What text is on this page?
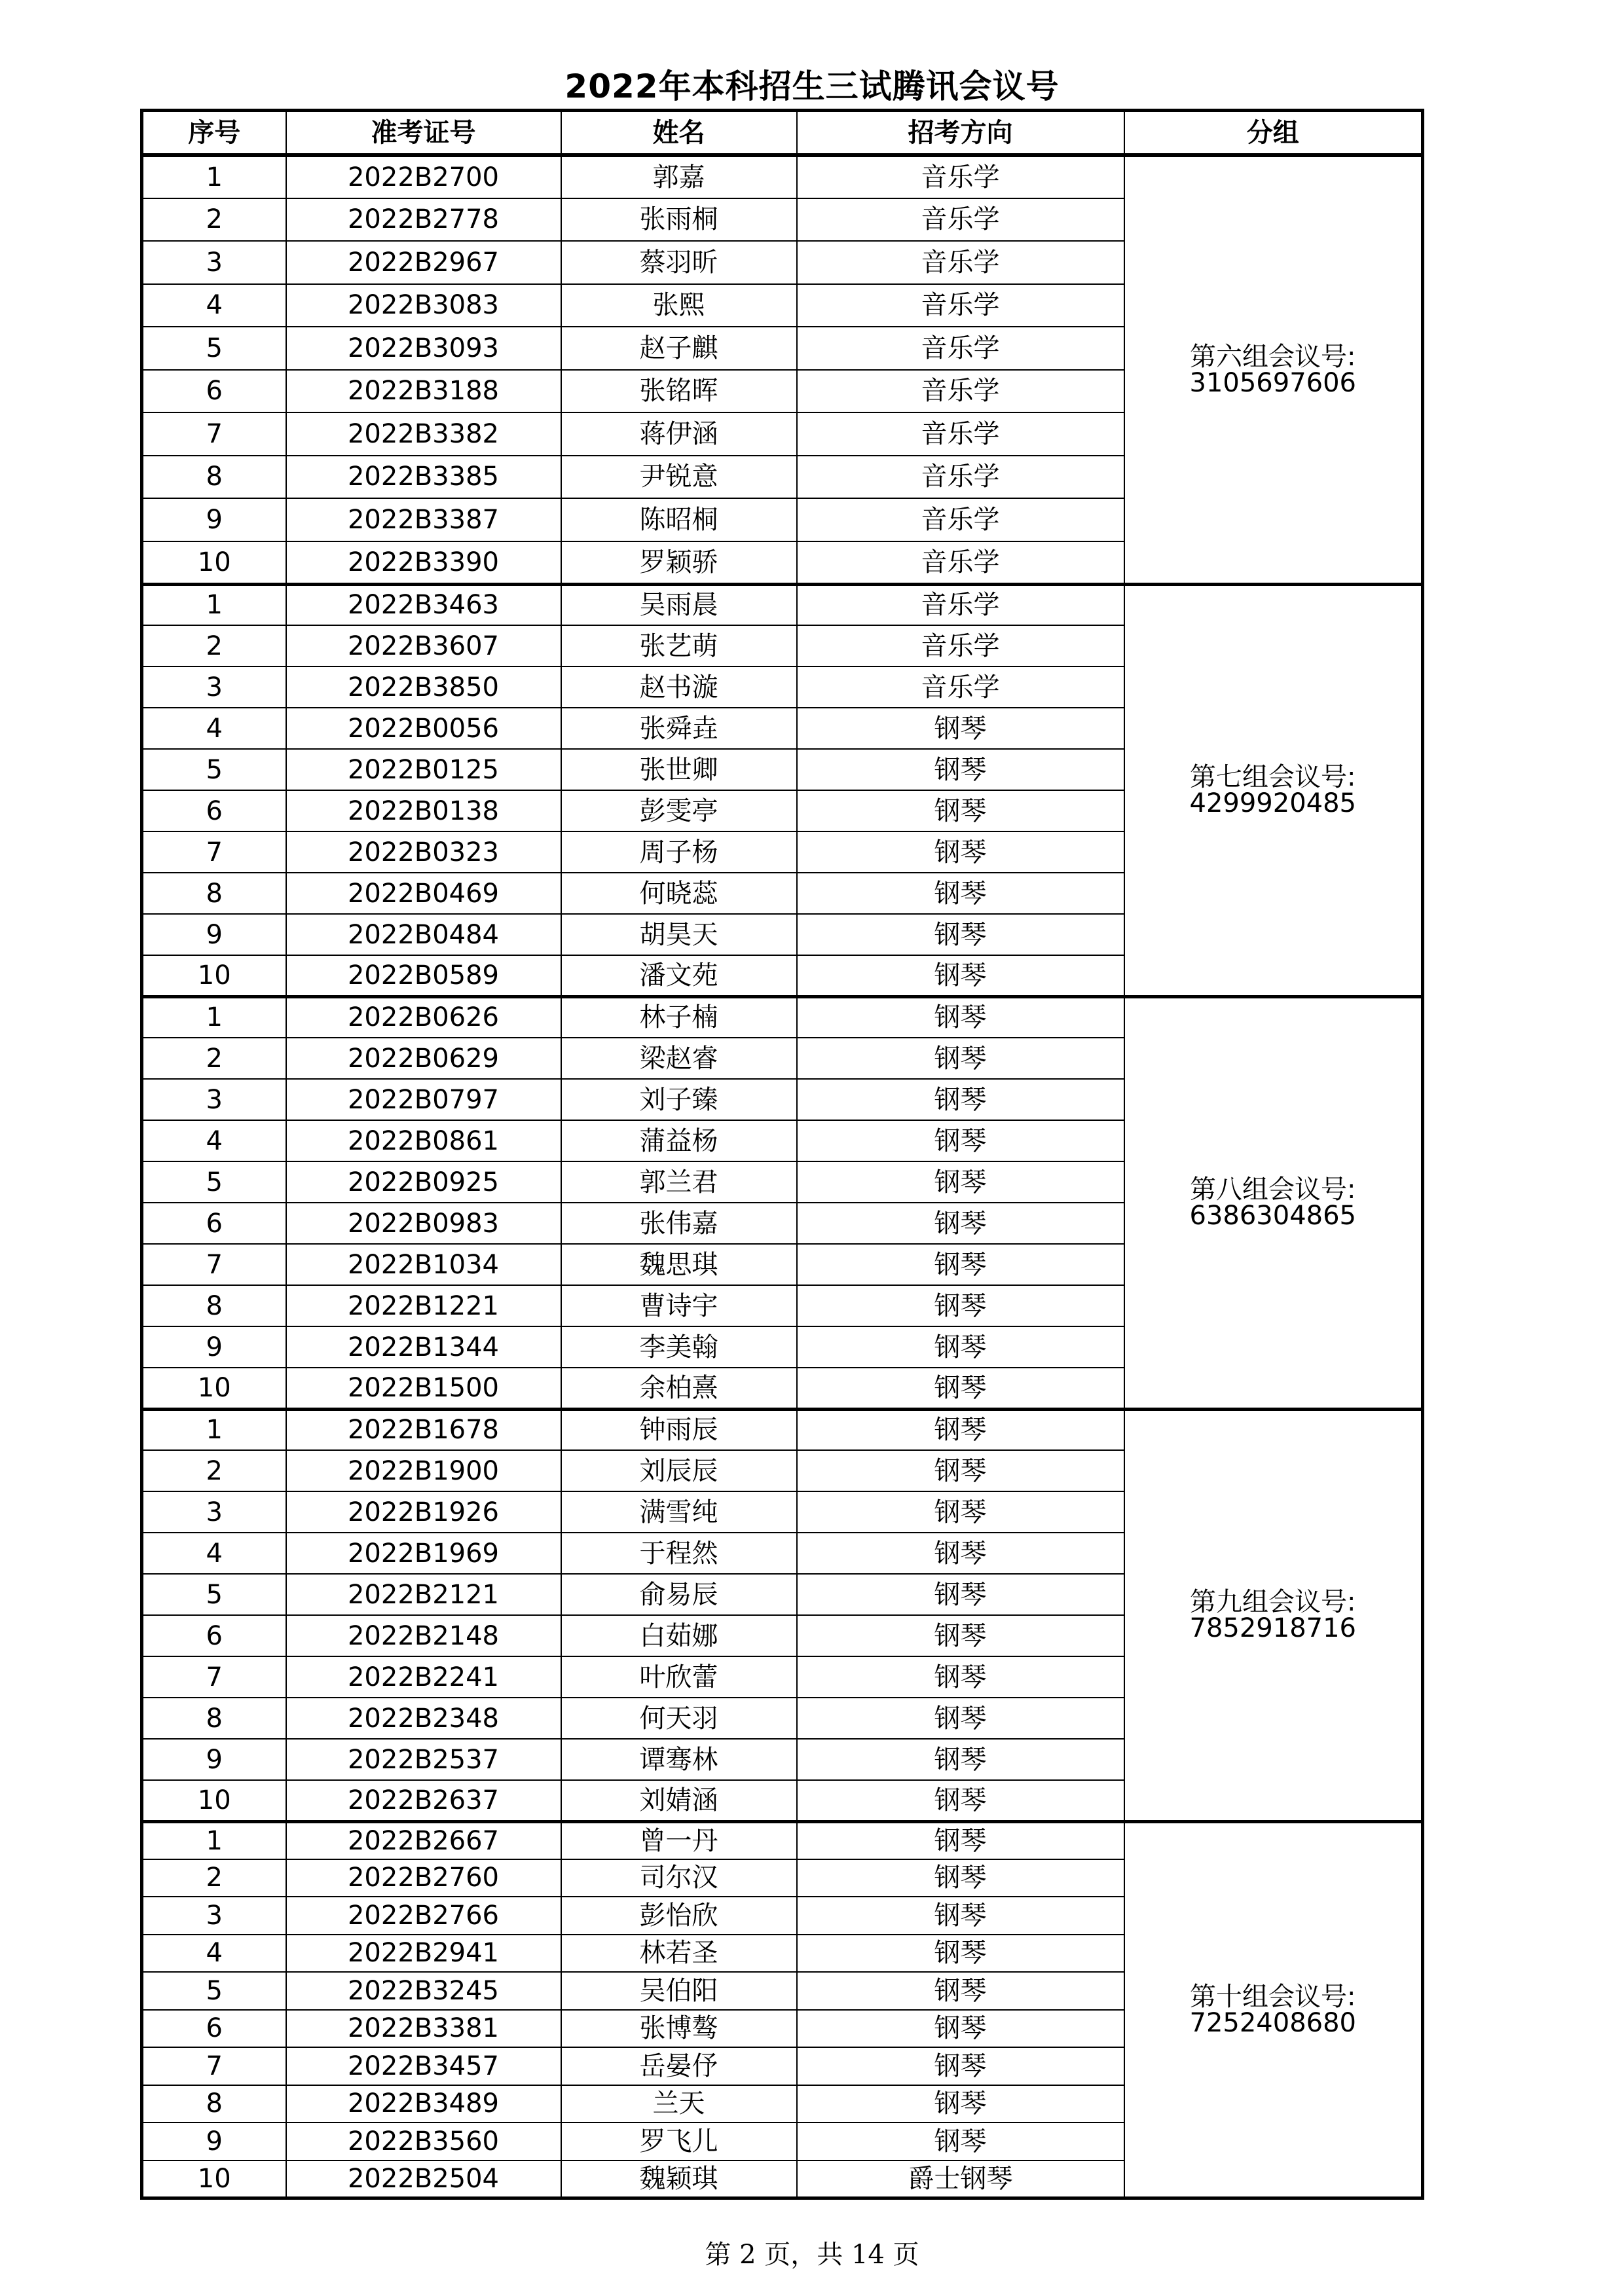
2022年本科招生三试腾讯会议号
序号	准考证号	姓名	招考方向	分组
1	2022B2700	郭嘉	音乐学	第六组会议号:
3105697606

2	2022B2778	张雨桐	音乐学	
3	2022B2967	蔡羽昕	音乐学	
4	2022B3083	张熙	音乐学	
5	2022B3093	赵子麒	音乐学	
6	2022B3188	张铭晖	音乐学	
7	2022B3382	蒋伊涵	音乐学	
8	2022B3385	尹锐意	音乐学	
9	2022B3387	陈昭桐	音乐学	
10	2022B3390	罗颖骄	音乐学	
1	2022B3463	吴雨晨	音乐学	第七组会议号:
4299920485

2	2022B3607	张艺萌	音乐学	
3	2022B3850	赵书漩	音乐学	
4	2022B0056	张舜垚	钢琴	
5	2022B0125	张世卿	钢琴	
6	2022B0138	彭雯亭	钢琴	
7	2022B0323	周子杨	钢琴	
8	2022B0469	何晓蕊	钢琴	
9	2022B0484	胡昊天	钢琴	
10	2022B0589	潘文苑	钢琴	
1	2022B0626	林子楠	钢琴	第八组会议号:
6386304865

2	2022B0629	梁赵睿	钢琴	
3	2022B0797	刘子臻	钢琴	
4	2022B0861	蒲益杨	钢琴	
5	2022B0925	郭兰君	钢琴	
6	2022B0983	张伟嘉	钢琴	
7	2022B1034	魏思琪	钢琴	
8	2022B1221	曹诗宇	钢琴	
9	2022B1344	李美翰	钢琴	
10	2022B1500	余柏熹	钢琴	
1	2022B1678	钟雨辰	钢琴	第九组会议号:
7852918716

2	2022B1900	刘辰辰	钢琴	
3	2022B1926	满雪纯	钢琴	
4	2022B1969	于程然	钢琴	
5	2022B2121	俞易辰	钢琴	
6	2022B2148	白茹娜	钢琴	
7	2022B2241	叶欣蕾	钢琴	
8	2022B2348	何天羽	钢琴	
9	2022B2537	谭骞林	钢琴	
10	2022B2637	刘婧涵	钢琴	
1	2022B2667	曾一丹	钢琴	第十组会议号:
7252408680

2	2022B2760	司尔汉	钢琴	
3	2022B2766	彭怡欣	钢琴	
4	2022B2941	林若圣	钢琴	
5	2022B3245	吴伯阳	钢琴	
6	2022B3381	张博骜	钢琴	
7	2022B3457	岳晏伃	钢琴	
8	2022B3489	兰天	钢琴	
9	2022B3560	罗飞儿	钢琴	
10	2022B2504	魏颖琪	爵士钢琴	
第 2 页，共 14 页
